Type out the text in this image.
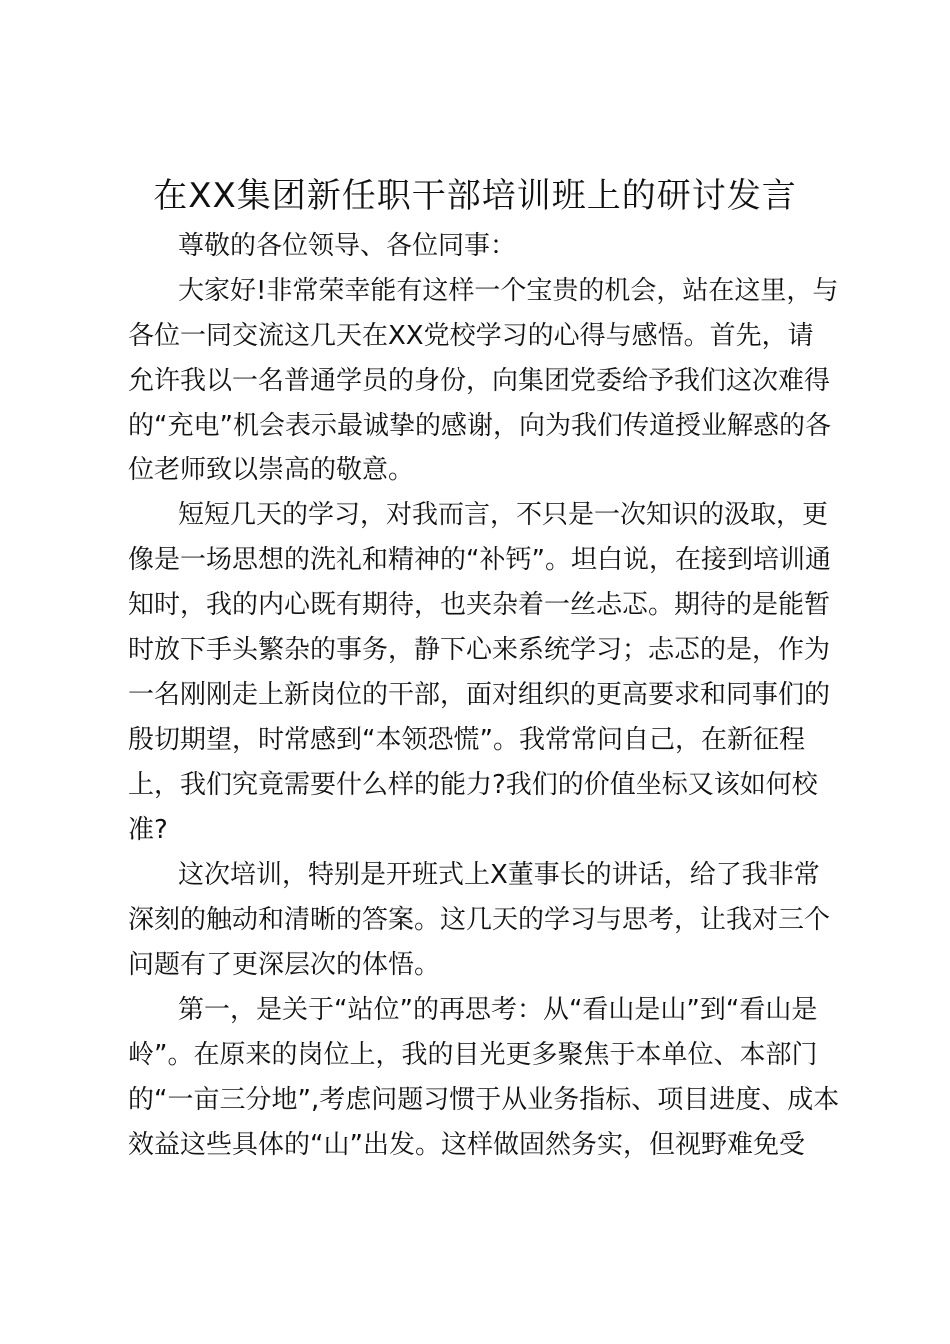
在XX集团新任职干部培训班上的研讨发言
尊敬的各位领导、各位同事：
大家好!非常荣幸能有这样一个宝贵的机会，站在这里，与
各位一同交流这几天在XX党校学习的心得与感悟。首先，请
允许我以一名普通学员的身份，向集团党委给予我们这次难得
的“充电”机会表示最诚挚的感谢，向为我们传道授业解惑的各
位老师致以崇高的敬意。
短短几天的学习，对我而言，不只是一次知识的汲取，更
像是一场思想的洗礼和精神的“补钙”。坦白说，在接到培训通
知时，我的内心既有期待，也夹杂着一丝忐忑。期待的是能暂
时放下手头繁杂的事务，静下心来系统学习；忐忑的是，作为
一名刚刚走上新岗位的干部，面对组织的更高要求和同事们的
殷切期望，时常感到“本领恐慌”。我常常问自己，在新征程
上，我们究竟需要什么样的能力?我们的价值坐标又该如何校
准?
这次培训，特别是开班式上X董事长的讲话，给了我非常
深刻的触动和清晰的答案。这几天的学习与思考，让我对三个
问题有了更深层次的体悟。
第一，是关于“站位”的再思考：从“看山是山”到“看山是
岭”。在原来的岗位上，我的目光更多聚焦于本单位、本部门
的“一亩三分地”,考虑问题习惯于从业务指标、项目进度、成本
效益这些具体的“山”出发。这样做固然务实，但视野难免受
